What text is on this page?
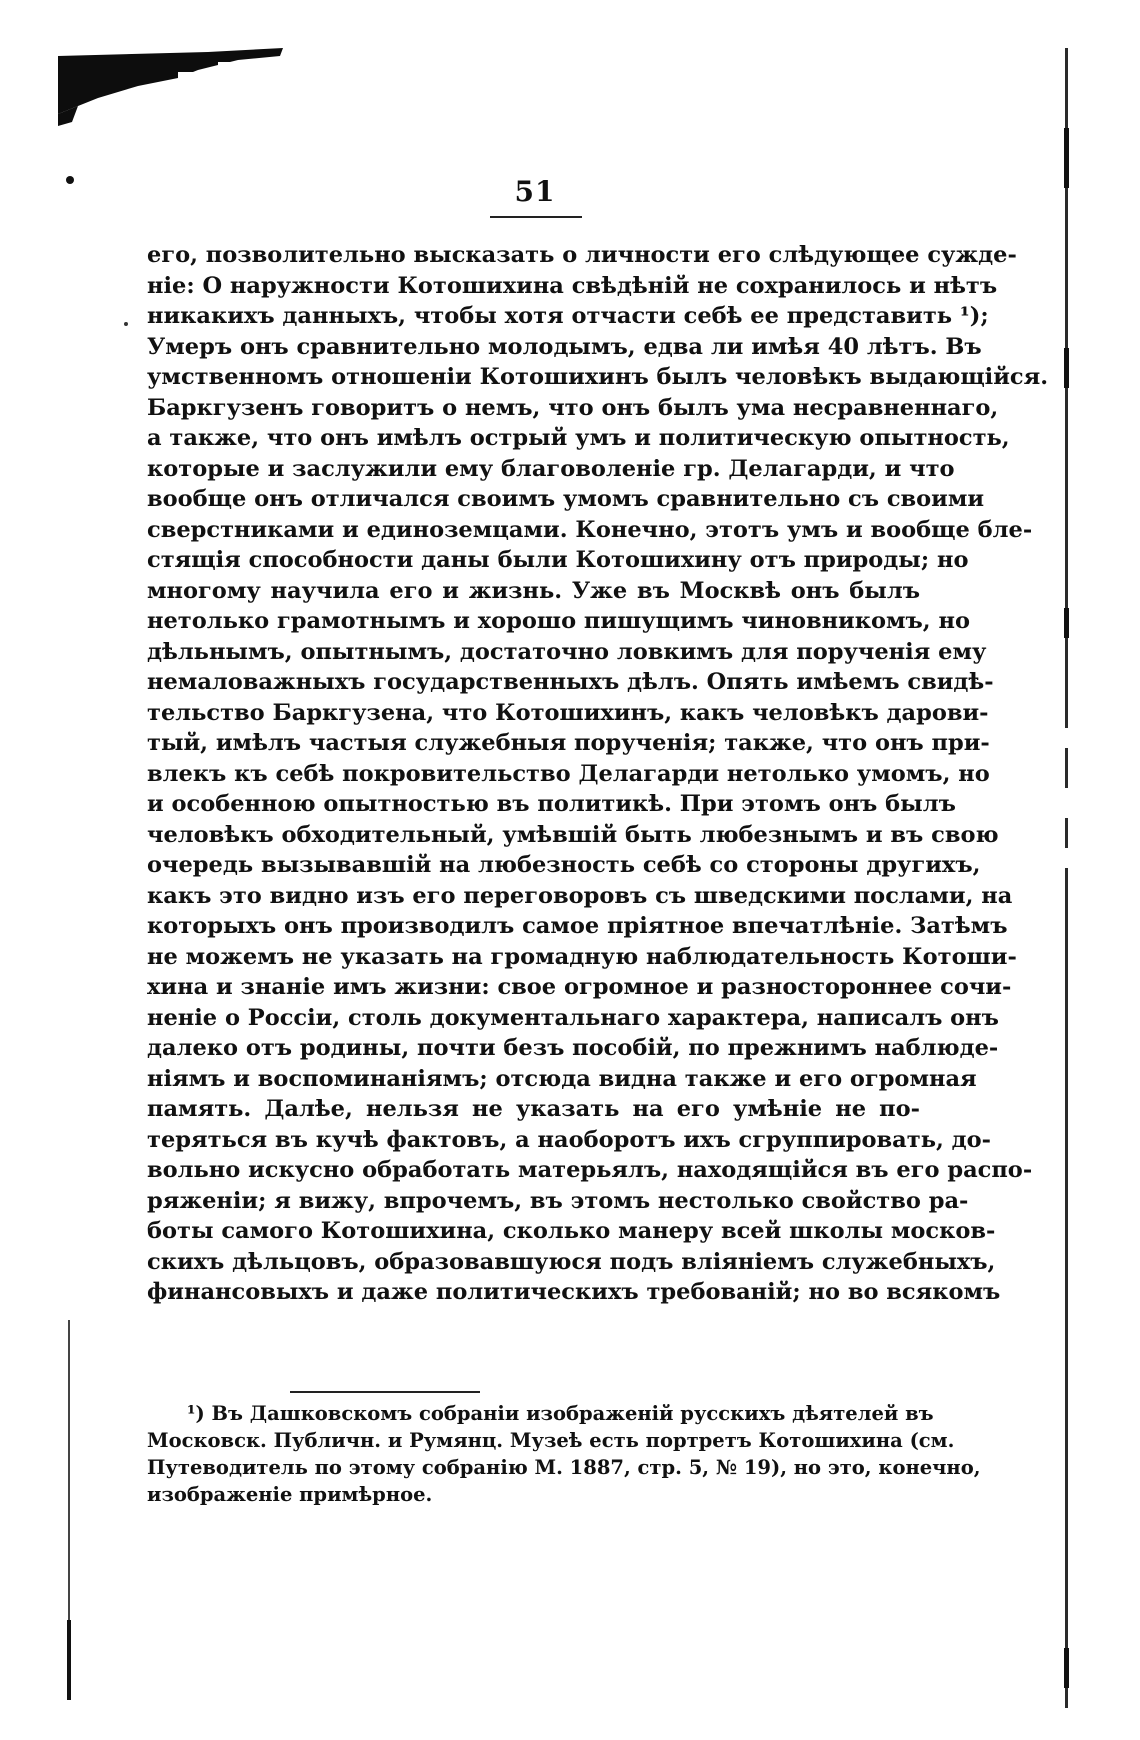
51
его, позволительно высказать о личности его слѣдующее сужде-
ніе: О наружности Котошихина свѣдѣній не сохранилось и нѣтъ
никакихъ данныхъ, чтобы хотя отчасти себѣ ее представить ¹);
Умеръ онъ сравнительно молодымъ, едва ли имѣя 40 лѣтъ. Въ
умственномъ отношеніи Котошихинъ былъ человѣкъ выдающійся.
Баркгузенъ говоритъ о немъ, что онъ былъ ума несравненнаго,
а также, что онъ имѣлъ острый умъ и политическую опытность,
которые и заслужили ему благоволеніе гр. Делагарди, и что
вообще онъ отличался своимъ умомъ сравнительно съ своими
сверстниками и единоземцами. Конечно, этотъ умъ и вообще бле-
стящія способности даны были Котошихину отъ природы; но
многому научила его и жизнь. Уже въ Москвѣ онъ былъ
нетолько грамотнымъ и хорошо пишущимъ чиновникомъ, но
дѣльнымъ, опытнымъ, достаточно ловкимъ для порученія ему
немаловажныхъ государственныхъ дѣлъ. Опять имѣемъ свидѣ-
тельство Баркгузена, что Котошихинъ, какъ человѣкъ дарови-
тый, имѣлъ частыя служебныя порученія; также, что онъ при-
влекъ къ себѣ покровительство Делагарди нетолько умомъ, но
и особенною опытностью въ политикѣ. При этомъ онъ былъ
человѣкъ обходительный, умѣвшій быть любезнымъ и въ свою
очередь вызывавшій на любезность себѣ со стороны другихъ,
какъ это видно изъ его переговоровъ съ шведскими послами, на
которыхъ онъ производилъ самое пріятное впечатлѣніе. Затѣмъ
не можемъ не указать на громадную наблюдательность Котоши-
хина и знаніе имъ жизни: свое огромное и разностороннее сочи-
неніе о Россіи, столь документальнаго характера, написалъ онъ
далеко отъ родины, почти безъ пособій, по прежнимъ наблюде-
ніямъ и воспоминаніямъ; отсюда видна также и его огромная
память. Далѣе, нельзя не указать на его умѣніе не по-
теряться въ кучѣ фактовъ, а наоборотъ ихъ сгруппировать, до-
вольно искусно обработать матерьялъ, находящійся въ его распо-
ряженіи; я вижу, впрочемъ, въ этомъ нестолько свойство ра-
боты самого Котошихина, сколько манеру всей школы москов-
скихъ дѣльцовъ, образовавшуюся подъ вліяніемъ служебныхъ,
финансовыхъ и даже политическихъ требованій; но во всякомъ
¹) Въ Дашковскомъ собраніи изображеній русскихъ дѣятелей въ
Московск. Публичн. и Румянц. Музеѣ есть портретъ Котошихина (см.
Путеводитель по этому собранію М. 1887, стр. 5, № 19), но это, конечно,
изображеніе примѣрное.
